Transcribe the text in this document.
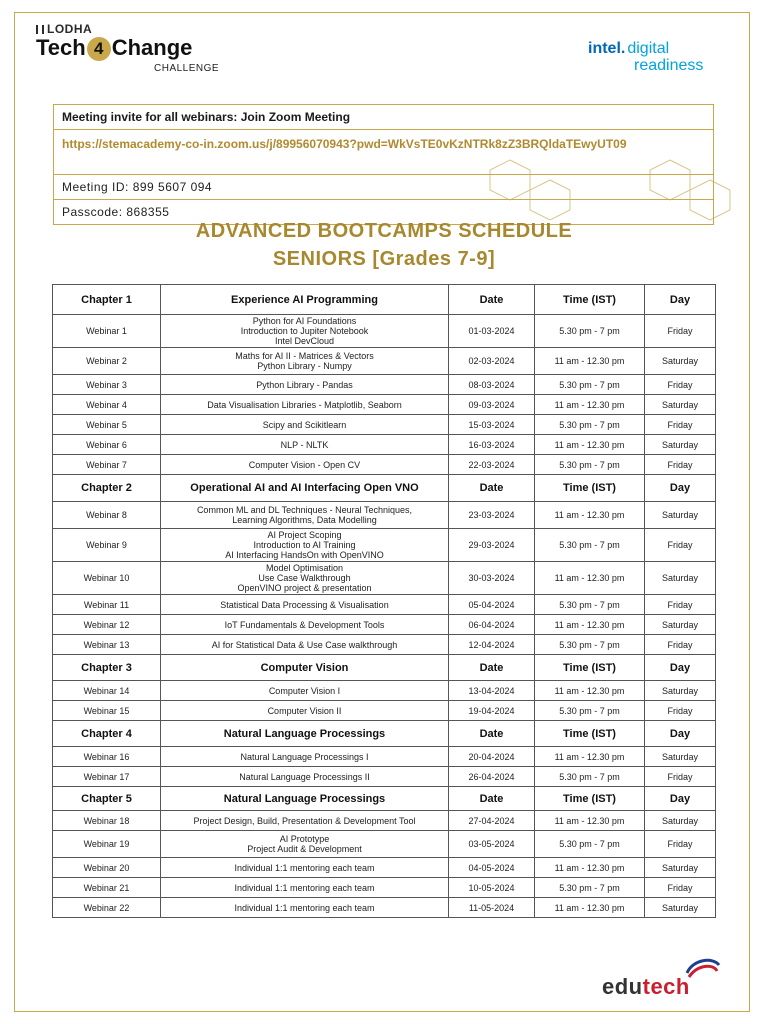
LODHA
Tech 4 Change
CHALLENGE
intel. digital
readiness
Meeting invite for all webinars: Join Zoom Meeting
https://stemacademy-co-in.zoom.us/j/89956070943?pwd=WkVsTE0vKzNTRk8zZ3BRQldaTEwyUT09
Meeting ID: 899 5607 094
Passcode: 868355
ADVANCED BOOTCAMPS SCHEDULE
SENIORS [Grades 7-9]
Chapter 1	Experience AI Programming	Date	Time (IST)	Day
Webinar 1	Python for AI Foundations
Introduction to Jupiter Notebook
Intel DevCloud	01-03-2024	5.30 pm - 7 pm	Friday
Webinar 2	Maths for AI II - Matrices & Vectors
Python Library - Numpy	02-03-2024	11 am - 12.30 pm	Saturday
Webinar 3	Python Library - Pandas	08-03-2024	5.30 pm - 7 pm	Friday
Webinar 4	Data Visualisation Libraries - Matplotlib, Seaborn	09-03-2024	11 am - 12.30 pm	Saturday
Webinar 5	Scipy and Scikitlearn	15-03-2024	5.30 pm - 7 pm	Friday
Webinar 6	NLP - NLTK	16-03-2024	11 am - 12.30 pm	Saturday
Webinar 7	Computer Vision - Open CV	22-03-2024	5.30 pm - 7 pm	Friday
Chapter 2	Operational AI and AI Interfacing Open VNO	Date	Time (IST)	Day
Webinar 8	Common ML and DL Techniques - Neural Techniques,
Learning Algorithms, Data Modelling	23-03-2024	11 am - 12.30 pm	Saturday
Webinar 9	AI Project Scoping
Introduction to AI Training
AI Interfacing HandsOn with OpenVINO	29-03-2024	5.30 pm - 7 pm	Friday
Webinar 10	Model Optimisation
Use Case Walkthrough
OpenVINO project & presentation	30-03-2024	11 am - 12.30 pm	Saturday
Webinar 11	Statistical Data Processing & Visualisation	05-04-2024	5.30 pm - 7 pm	Friday
Webinar 12	IoT Fundamentals & Development Tools	06-04-2024	11 am - 12.30 pm	Saturday
Webinar 13	AI for Statistical Data & Use Case walkthrough	12-04-2024	5.30 pm - 7 pm	Friday
Chapter 3	Computer Vision	Date	Time (IST)	Day
Webinar 14	Computer Vision I	13-04-2024	11 am - 12.30 pm	Saturday
Webinar 15	Computer Vision II	19-04-2024	5.30 pm - 7 pm	Friday
Chapter 4	Natural Language Processings	Date	Time (IST)	Day
Webinar 16	Natural Language Processings I	20-04-2024	11 am - 12.30 pm	Saturday
Webinar 17	Natural Language Processings II	26-04-2024	5.30 pm - 7 pm	Friday
Chapter 5	Natural Language Processings	Date	Time (IST)	Day
Webinar 18	Project Design, Build, Presentation & Development Tool	27-04-2024	11 am - 12.30 pm	Saturday
Webinar 19	AI Prototype
Project Audit & Development	03-05-2024	5.30 pm - 7 pm	Friday
Webinar 20	Individual 1:1 mentoring each team	04-05-2024	11 am - 12.30 pm	Saturday
Webinar 21	Individual 1:1 mentoring each team	10-05-2024	5.30 pm - 7 pm	Friday
Webinar 22	Individual 1:1 mentoring each team	11-05-2024	11 am - 12.30 pm	Saturday
edutech
